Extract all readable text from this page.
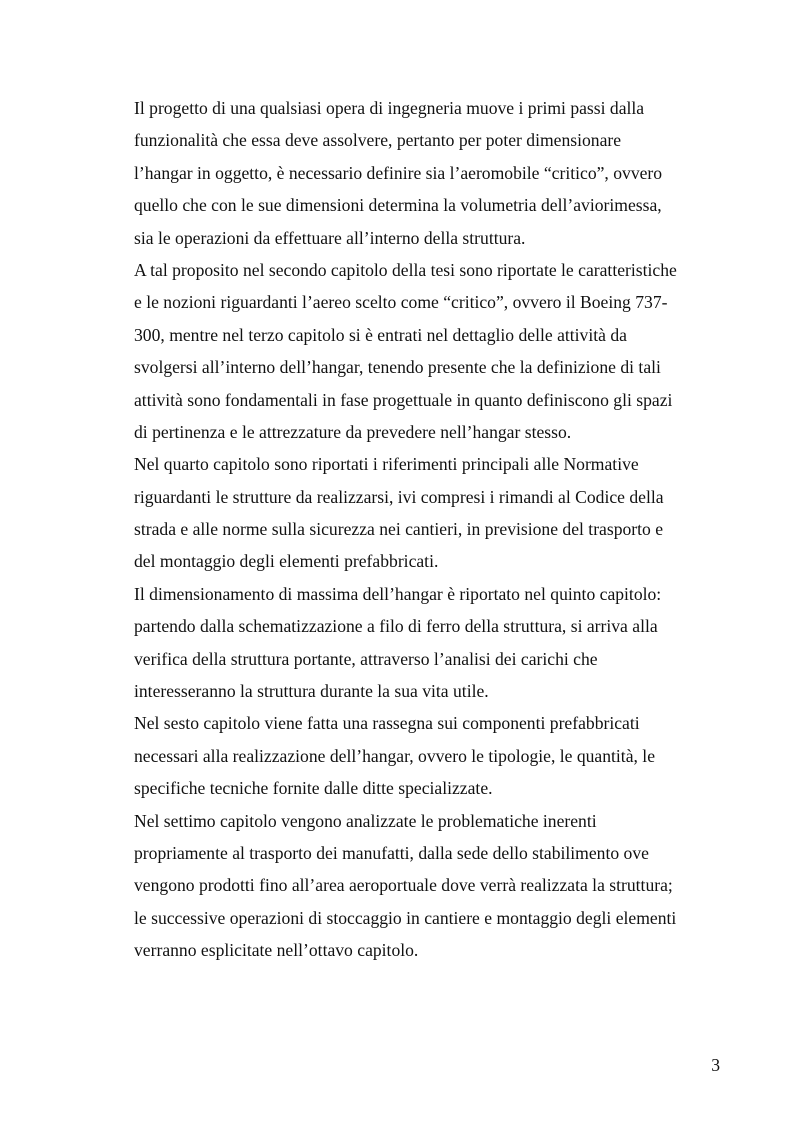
Il progetto di una qualsiasi opera di ingegneria muove i primi passi dalla
funzionalità che essa deve assolvere, pertanto per poter dimensionare
l’hangar in oggetto, è necessario definire sia l’aeromobile “critico”, ovvero
quello che con le sue dimensioni determina la volumetria dell’aviorimessa,
sia le operazioni da effettuare all’interno della struttura.

A tal proposito nel secondo capitolo della tesi sono riportate le caratteristiche
e le nozioni riguardanti l’aereo scelto come “critico”, ovvero il Boeing 737-
300, mentre nel terzo capitolo si è entrati nel dettaglio delle attività da
svolgersi all’interno dell’hangar, tenendo presente che la definizione di tali
attività sono fondamentali in fase progettuale in quanto definiscono gli spazi
di pertinenza e le attrezzature da prevedere nell’hangar stesso.

Nel quarto capitolo sono riportati i riferimenti principali alle Normative
riguardanti le strutture da realizzarsi, ivi compresi i rimandi al Codice della
strada e alle norme sulla sicurezza nei cantieri, in previsione del trasporto e
del montaggio degli elementi prefabbricati.

Il dimensionamento di massima dell’hangar è riportato nel quinto capitolo:
partendo dalla schematizzazione a filo di ferro della struttura, si arriva alla
verifica della struttura portante, attraverso l’analisi dei carichi che
interesseranno la struttura durante la sua vita utile.

Nel sesto capitolo viene fatta una rassegna sui componenti prefabbricati
necessari alla realizzazione dell’hangar, ovvero le tipologie, le quantità, le
specifiche tecniche fornite dalle ditte specializzate.

Nel settimo capitolo vengono analizzate le problematiche inerenti
propriamente al trasporto dei manufatti, dalla sede dello stabilimento ove
vengono prodotti fino all’area aeroportuale dove verrà realizzata la struttura;
le successive operazioni di stoccaggio in cantiere e montaggio degli elementi
verranno esplicitate nell’ottavo capitolo.

3
